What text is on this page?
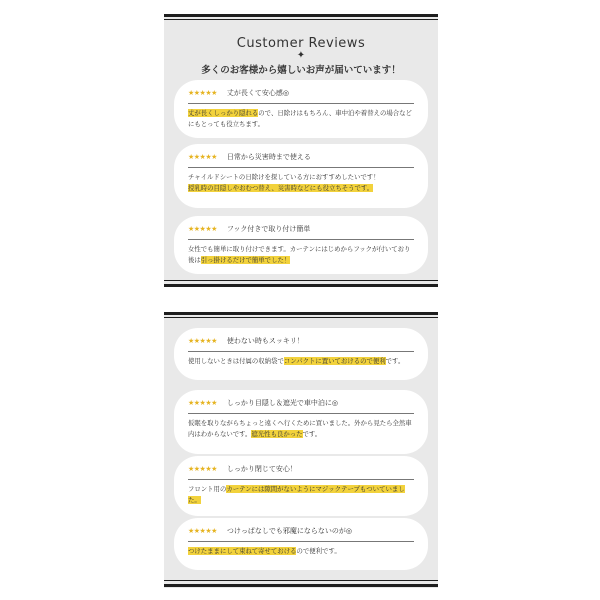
Customer Reviews
✦
多くのお客様から嬉しいお声が届いています！
★★★★★ 丈が長くて安心感◎
丈が長くしっかり隠れるので、日除けはもちろん、車中泊や着替えの場合などにもとっても役立ちます。
★★★★★ 日常から災害時まで使える
チャイルドシートの日除けを探している方におすすめしたいです！
授乳時の目隠しやおむつ替え、災害時などにも役立ちそうです。
★★★★★ フック付きで取り付け簡単
女性でも簡単に取り付けできます。カーテンにはじめからフックが付いており 後は引っ掛けるだけで簡単でした！
★★★★★ 使わない時もスッキリ！
使用しないときは付属の収納袋でコンパクトに置いておけるので便利です。
★★★★★ しっかり目隠し＆遮光で車中泊に◎
仮眠を取りながらちょっと遠くへ行くために買いました。外から見たら全然車内はわからないです。遮光性も良かったです。
★★★★★ しっかり閉じて安心！
フロント用のカーテンには隙間がないようにマジックテープもついていました。
★★★★★ つけっぱなしでも邪魔にならないのが◎
つけたままにして束ねて寄せておけるので便利です。
